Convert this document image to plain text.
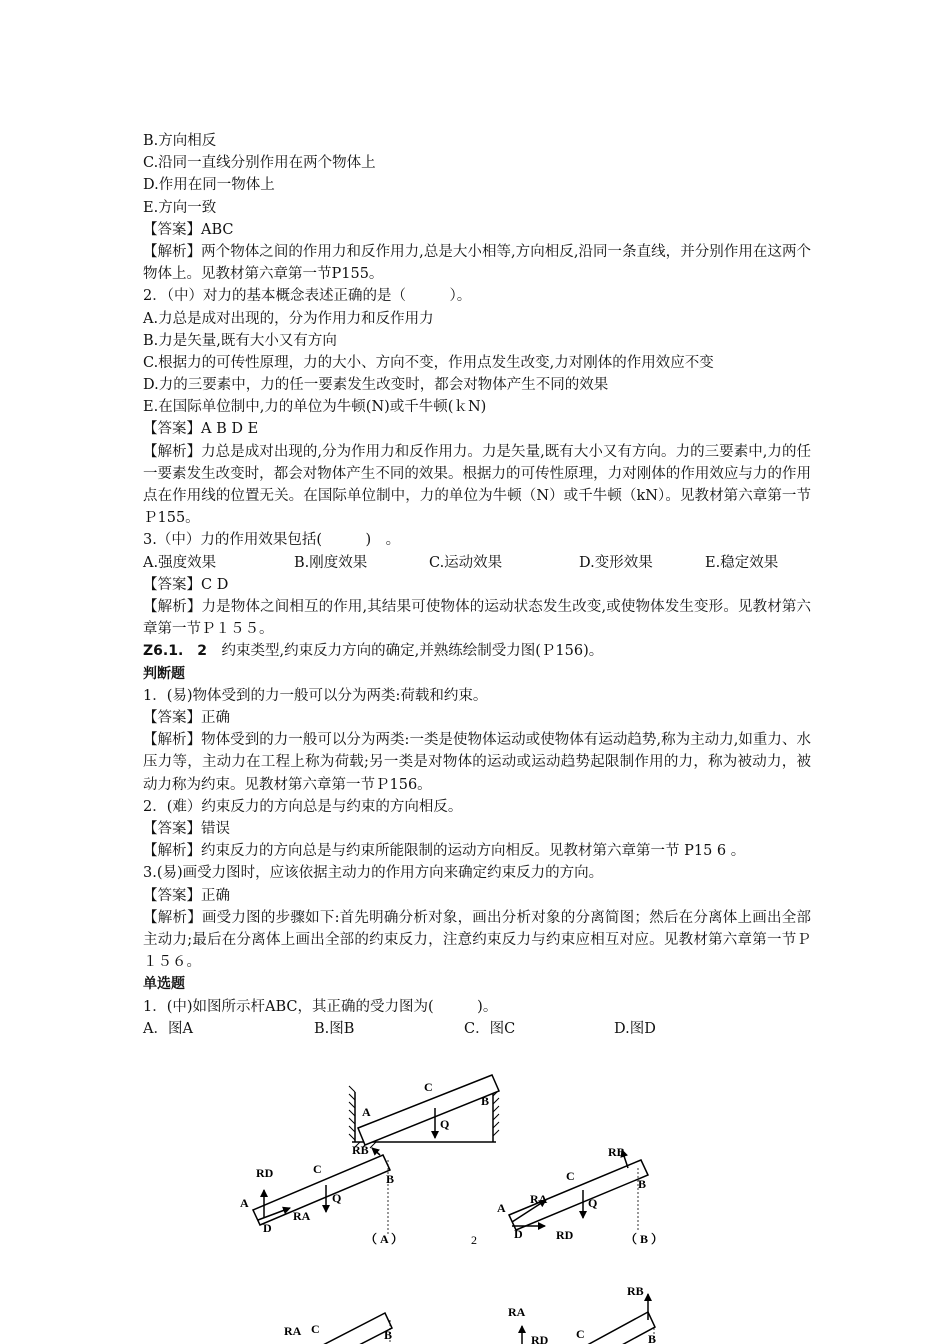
B.方向相反
C.沿同一直线分别作用在两个物体上
D.作用在同一物体上
E.方向一致
【答案】ABC
【解析】两个物体之间的作用力和反作用力,总是大小相等,方向相反,沿同一条直线，并分别作用在这两个物体上。见教材第六章第一节P155。
2．（中）对力的基本概念表述正确的是（　　　）。
A.力总是成对出现的，分为作用力和反作用力
B.力是矢量,既有大小又有方向
C.根据力的可传性原理，力的大小、方向不变，作用点发生改变,力对刚体的作用效应不变
D.力的三要素中，力的任一要素发生改变时，都会对物体产生不同的效果
E.在国际单位制中,力的单位为牛顿(N)或千牛顿(ｋN)
【答案】A B D E
【解析】力总是成对出现的,分为作用力和反作用力。力是矢量,既有大小又有方向。力的三要素中,力的任一要素发生改变时，都会对物体产生不同的效果。根据力的可传性原理，力对刚体的作用效应与力的作用点在作用线的位置无关。在国际单位制中，力的单位为牛顿（N）或千牛顿（kN）。见教材第六章第一节Ｐ155。
3.（中）力的作用效果包括(　　　)　。
A.强度效果	B.刚度效果	C.运动效果	D.变形效果	E.稳定效果
【答案】C D
【解析】力是物体之间相互的作用,其结果可使物体的运动状态发生改变,或使物体发生变形。见教材第六章第一节Ｐ１５５。
Z6.1.　2　约束类型,约束反力方向的确定,并熟练绘制受力图(Ｐ156)。
判断题
1．(易)物体受到的力一般可以分为两类:荷载和约束。
【答案】正确
【解析】物体受到的力一般可以分为两类:一类是使物体运动或使物体有运动趋势,称为主动力,如重力、水压力等，主动力在工程上称为荷载;另一类是对物体的运动或运动趋势起限制作用的力，称为被动力，被动力称为约束。见教材第六章第一节Ｐ156。
2．(难）约束反力的方向总是与约束的方向相反。
【答案】错误
【解析】约束反力的方向总是与约束所能限制的运动方向相反。见教材第六章第一节 P15 6 。
3.(易)画受力图时，应该依据主动力的作用方向来确定约束反力的方向。
【答案】正确
【解析】画受力图的步骤如下:首先明确分析对象，画出分析对象的分离简图；然后在分离体上画出全部主动力;最后在分离体上画出全部的约束反力，注意约束反力与约束应相互对应。见教材第六章第一节Ｐ１５６。
单选题
1．(中)如图所示杆ABC，其正确的受力图为(　　　)。
A．图A	B.图B	C．图C	D.图D
C
A
B
Q
RB
RD	C
B
A	Q
RA
D
（ A ）	2
RB
C
B
A
RA	Q
D	RD	（ B ）
RA C	B
RA
RD C
RB
B
